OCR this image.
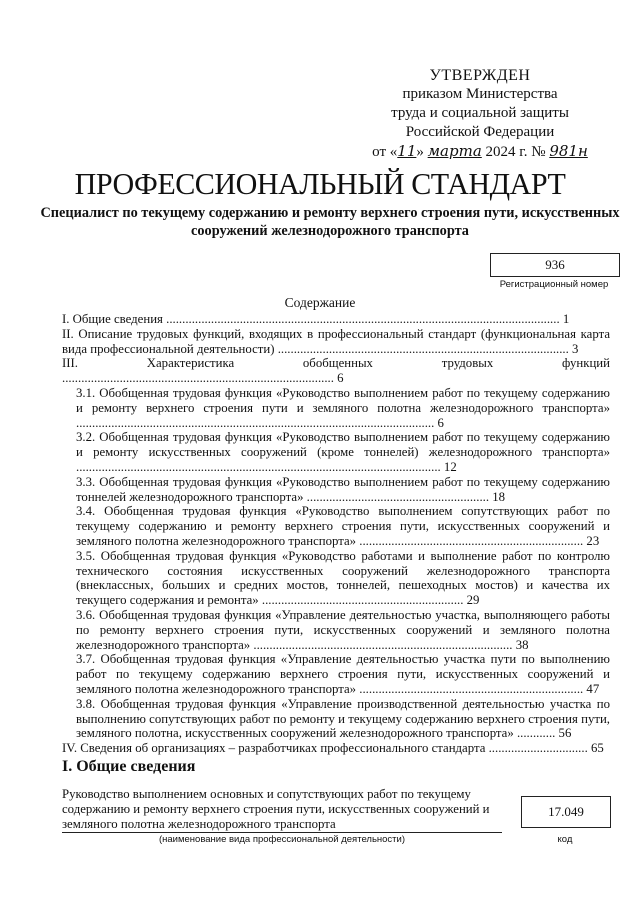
УТВЕРЖДЕН
приказом Министерства
труда и социальной защиты
Российской Федерации
от «11» марта 2024 г. № 981н
ПРОФЕССИОНАЛЬНЫЙ СТАНДАРТ
Специалист по текущему содержанию и ремонту верхнего строения пути, искусственных сооружений железнодорожного транспорта
936
Регистрационный номер
Содержание

I. Общие сведения ........................................................................................................................... 1

II. Описание трудовых функций, входящих в профессиональный стандарт (функциональная карта вида профессиональной деятельности) ........................................................................................... 3

III. Характеристика обобщенных трудовых функций ..................................................................................... 6

3.1. Обобщенная трудовая функция «Руководство выполнением работ по текущему содержанию и ремонту верхнего строения пути и земляного полотна железнодорожного транспорта» ................................................................................................................ 6

3.2. Обобщенная трудовая функция «Руководство выполнением работ по текущему содержанию и ремонту искусственных сооружений (кроме тоннелей) железнодорожного транспорта» .................................................................................................................. 12

3.3. Обобщенная трудовая функция «Руководство выполнением работ по текущему содержанию тоннелей железнодорожного транспорта» ......................................................... 18

3.4. Обобщенная трудовая функция «Руководство выполнением сопутствующих работ по текущему содержанию и ремонту верхнего строения пути, искусственных сооружений и земляного полотна железнодорожного транспорта» ...................................................................... 23

3.5. Обобщенная трудовая функция «Руководство работами и выполнение работ по контролю технического состояния искусственных сооружений железнодорожного транспорта (внеклассных, больших и средних мостов, тоннелей, пешеходных мостов) и качества их текущего содержания и ремонта» ............................................................... 29

3.6. Обобщенная трудовая функция «Управление деятельностью участка, выполняющего работы по ремонту верхнего строения пути, искусственных сооружений и земляного полотна железнодорожного транспорта» ................................................................................. 38

3.7. Обобщенная трудовая функция «Управление деятельностью участка пути по выполнению работ по текущему содержанию верхнего строения пути, искусственных сооружений и земляного полотна железнодорожного транспорта» ...................................................................... 47

3.8. Обобщенная трудовая функция «Управление производственной деятельностью участка по выполнению сопутствующих работ по ремонту и текущему содержанию верхнего строения пути, земляного полотна, искусственных сооружений железнодорожного транспорта» ............ 56

IV. Сведения об организациях – разработчиках профессионального стандарта ............................... 65

I. Общие сведения
Руководство выполнением основных и сопутствующих работ по текущему содержанию и ремонту верхнего строения пути, искусственных сооружений и земляного полотна железнодорожного транспорта
(наименование вида профессиональной деятельности)
17.049
код
